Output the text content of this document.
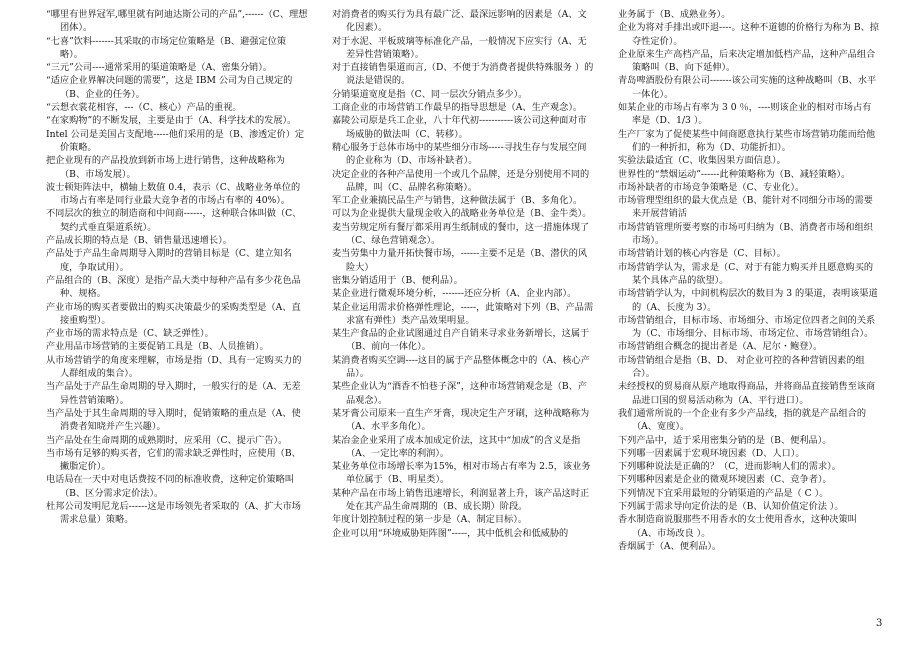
“哪里有世界冠军,哪里就有阿迪达斯公司的产品”,------（C、理想团体）。

“七喜”饮料-------其采取的市场定位策略是（B、避强定位策略）。

“三元”公司----通常采用的渠道策略是（A、密集分销）。

“适应企业界解决问题的需要”，这是 IBM 公司为自己规定的（B、企业的任务）。

“云想衣裳花相容，---（C、核心）产品的重视。

“在家购物”的不断发展，主要是由于（A、科学技术的发展）。

Intel 公司是美国占支配地-----他们采用的是（B、渗透定价）定价策略。

把企业现有的产品投放到新市场上进行销售，这种战略称为（B、市场发展）。

波士顿矩阵法中，横轴上数值 0.4，表示（C、战略业务单位的市场占有率是同行业最大竞争者的市场占有率的 40%）。

不同层次的独立的制造商和中间商------，这种联合体叫做（C、契约式垂直渠道系统）。

产品成长期的特点是（B、销售量迅速增长）。

产品处于产品生命周期导入期时的营销目标是（C、建立知名度，争取试用）。

产品组合的（B、深度）是指产品大类中每种产品有多少花色品种、规格。

产业市场的购买者要做出的购买决策最少的采购类型是（A、直接重购型）。

产业市场的需求特点是（C、缺乏弹性）。

产业用品市场营销的主要促销工具是（B、人员推销）。

从市场营销学的角度来理解，市场是指（D、具有一定购买力的人群组成的集合）。

当产品处于产品生命周期的导入期时，一般实行的是（A、无差异性营销策略）。

当产品处于其生命周期的导入期时，促销策略的重点是（A、使消费者知晓并产生兴趣）。

当产品处在生命周期的成熟期时，应采用（C、提示广告）。

当市场有足够的购买者，它们的需求缺乏弹性时，应使用（B、撇脂定价）。

电话局在一天中对电话费按不同的标准收费，这种定价策略叫（B、区分需求定价法）。

杜邦公司发明尼龙后------这是市场领先者采取的（A、扩大市场需求总量）策略。

对消费者的购买行为具有最广泛、最深远影响的因素是（A、文化因素）。

对于水泥、平板玻璃等标准化产品，一般情况下应实行（A、无差异性营销策略）。

对于直接销售渠道而言,（D、不便于为消费者提供特殊服务 ）的说法是错误的。

分销渠道宽度是指（C、同一层次分销点多少）。

工商企业的市场营销工作最早的指导思想是（A、生产观念）。

嘉陵公司原是兵工企业，八十年代初-----------该公司这种面对市场威胁的做法叫（C、转移）。

精心服务于总体市场中的某些细分市场-----寻找生存与发展空间的企业称为（D、市场补缺者）。

决定企业的各种产品使用一个或几个品牌，还是分别使用不同的品牌，叫（C、品牌名称策略）。

军工企业兼搞民品生产与销售，这种做法属于（B、多角化）。

可以为企业提供大量现金收入的战略业务单位是（B、金牛类）。

麦当劳规定所有餐厅都采用再生纸制成的餐巾，这一措施体现了（C、绿色营销观念）。

麦当劳集中力量开拓快餐市场，------主要不足是（B、潜伏的风险大）

密集分销适用于（B、便利品）。

某企业进行微观环境分析，-------还应分析（A、企业内部）。

某企业运用需求价格弹性理论，-----，此策略对下列（B、产品需求富有弹性）类产品效果明显。

某生产食品的企业试图通过自产自销来寻求业务新增长，这属于（B、前向一体化）。

某消费者购买空调----这目的属于产品整体概念中的（A、核心产品）。

某些企业认为“酒香不怕巷子深”，这种市场营销观念是（B、产品观念）。

某牙膏公司原来一直生产牙膏，现决定生产牙刷，这种战略称为（A、水平多角化）。

某冶金企业采用了成本加成定价法，这其中“加成”的含义是指（A、一定比率的利润）。

某业务单位市场增长率为15%，相对市场占有率为 2.5，该业务单位属于（B、明星类）。

某种产品在市场上销售迅速增长，利润显著上升，该产品这时正处在其产品生命周期的（B、成长期）阶段。

年度计划控制过程的第一步是（A、制定目标）。

企业可以用“环境威胁矩阵图”-----，其中低机会和低威胁的

业务属于（B、成熟业务）。

企业为将对手排出或吓退----。这种不道德的价格行为称为 B、掠夺性定价）。

企业原来生产高档产品，后来决定增加低档产品，这种产品组合策略叫（B、向下延伸）。

青岛啤酒股份有限公司-------该公司实施的这种战略叫（B、水平一体化）。

如某企业的市场占有率为 3 0 ％，----则该企业的相对市场占有率是（D、1/3 ）。

生产厂家为了促使某些中间商愿意执行某些市场营销功能而给他们的一种折扣，称为（D、功能折扣）。

实验法最适宜（C、收集因果方面信息）。

世界性的“禁烟运动”------此种策略称为（B、减轻策略）。

市场补缺者的市场竞争策略是（C、专业化）。

市场管理型组织的最大优点是（B、能针对不同细分市场的需要来开展营销活

市场营销管理所要考察的市场可归纳为（B、消费者市场和组织市场）。

市场营销计划的核心内容是（C、目标）。

市场营销学认为，需求是（C、对于有能力购买并且愿意购买的某个具体产品的欲望）。

市场营销学认为，中间机构层次的数目为 3 的渠道，表明该渠道的（A、长度为 3）。

市场营销组合，目标市场、市场细分、市场定位四者之间的关系为（C、市场细分、目标市场、市场定位、市场营销组合）。

市场营销组合概念的提出者是（A、尼尔・鲍登）。

市场营销组合是指（B、D、 对企业可控的各种营销因素的组合）。

未经授权的贸易商从原产地取得商品，并将商品直接销售至该商品进口国的贸易活动称为（A、平行进口）。

我们通常所说的一个企业有多少产品线，指的就是产品组合的（A、宽度）。

下列产品中，适于采用密集分销的是（B、便利品）。

下列哪一因素属于宏观环境因素（D、人口）。

下列哪种说法是正确的？（C，进而影响人们的需求）。

下列哪种因素是企业的微观环境因素（C、竞争者）。

下列情况下宜采用最短的分销渠道的产品是（ C ）。

下列属于需求导向定价法的是（B、认知价值定价法 ）。

香水制造商说服那些不用香水的女士使用香水，这种决策叫（A、市场改良 ）。

香烟属于（A、便利品）。

3
